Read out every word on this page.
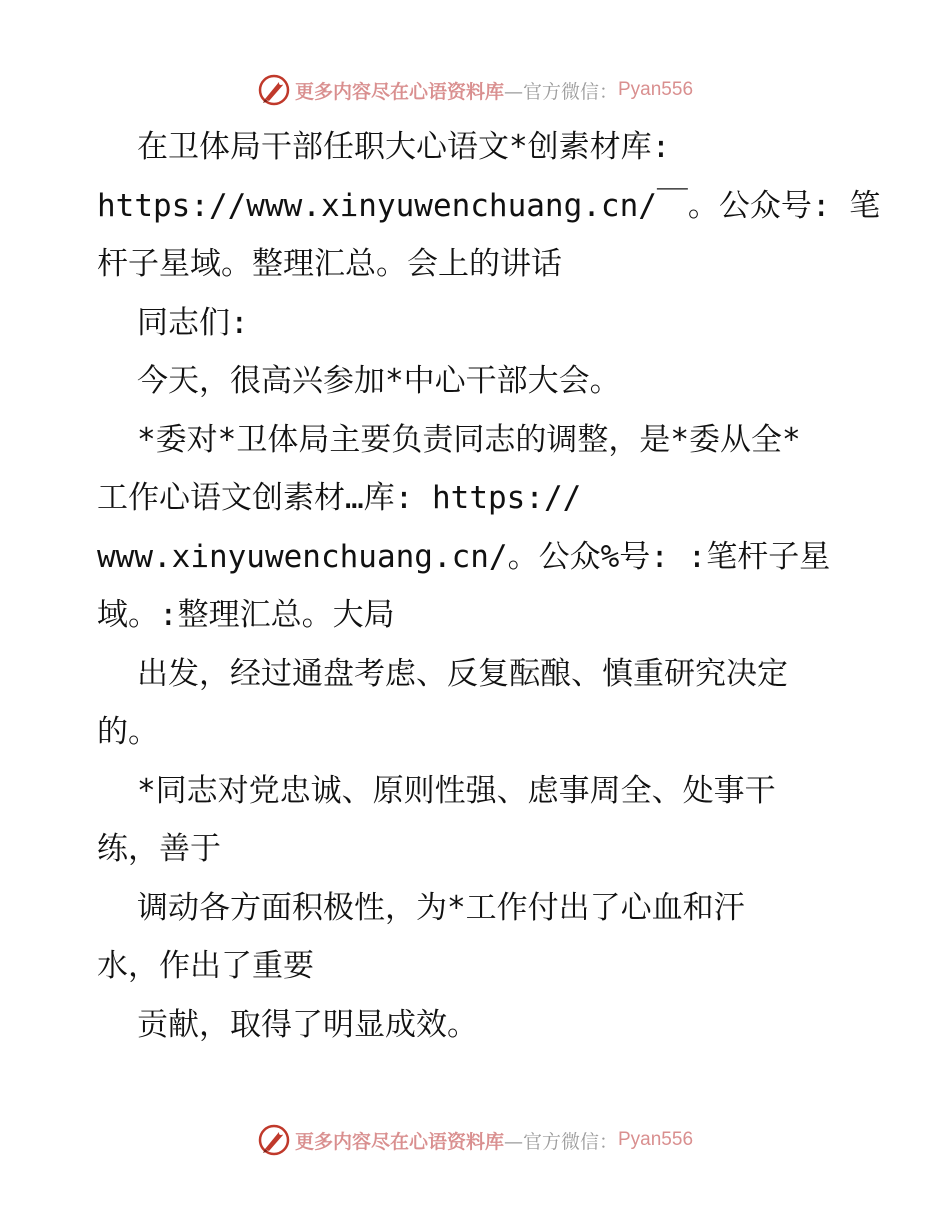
更多内容尽在心语资料库 —官方微信： Pyan556
在卫体局干部任职大心语文*创素材库:
https://www.xinyuwenchuang.cn/￣。公众号: 笔
杆子星域。整理汇总。会上的讲话
同志们:
今天，很高兴参加*中心干部大会。
*委对*卫体局主要负责同志的调整，是*委从全*
工作心语文创素材…库: https://
www.xinyuwenchuang.cn/。公众%号: :笔杆子星
域。:整理汇总。大局
出发，经过通盘考虑、反复酝酿、慎重研究决定
的。
*同志对党忠诚、原则性强、虑事周全、处事干
练，善于
调动各方面积极性，为*工作付出了心血和汗
水，作出了重要
贡献，取得了明显成效。
更多内容尽在心语资料库 —官方微信： Pyan556
